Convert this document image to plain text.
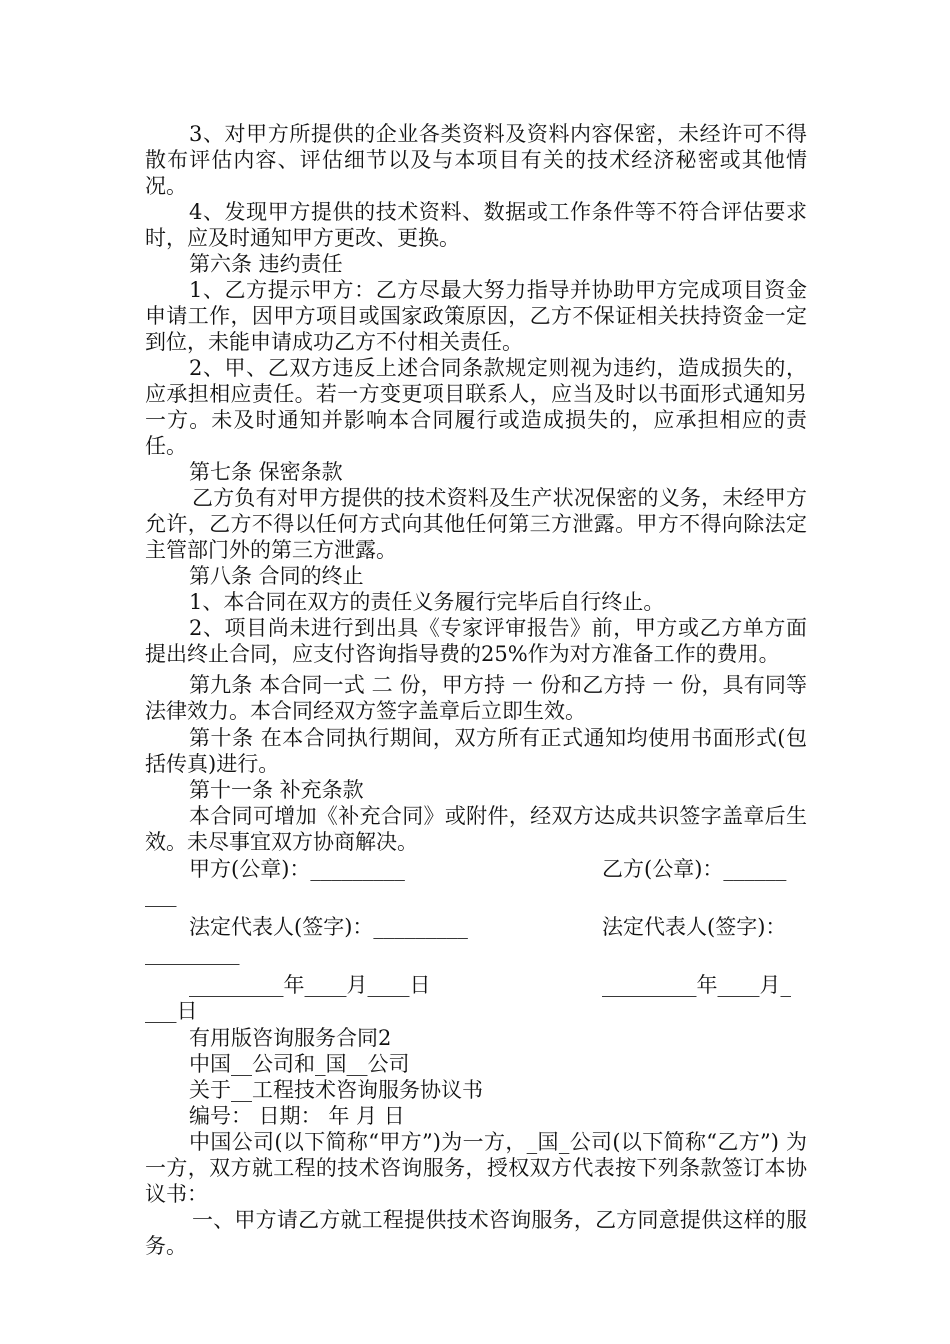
3、对甲方所提供的企业各类资料及资料内容保密，未经许可不得散布评估内容、评估细节以及与本项目有关的技术经济秘密或其他情况。

4、发现甲方提供的技术资料、数据或工作条件等不符合评估要求时，应及时通知甲方更改、更换。

第六条 违约责任

1、乙方提示甲方：乙方尽最大努力指导并协助甲方完成项目资金申请工作，因甲方项目或国家政策原因，乙方不保证相关扶持资金一定到位，未能申请成功乙方不付相关责任。

2、甲、乙双方违反上述合同条款规定则视为违约，造成损失的，应承担相应责任。若一方变更项目联系人，应当及时以书面形式通知另一方。未及时通知并影响本合同履行或造成损失的，应承担相应的责任。

第七条 保密条款

乙方负有对甲方提供的技术资料及生产状况保密的义务，未经甲方允许，乙方不得以任何方式向其他任何第三方泄露。甲方不得向除法定主管部门外的第三方泄露。

第八条 合同的终止

1、本合同在双方的责任义务履行完毕后自行终止。

2、项目尚未进行到出具《专家评审报告》前，甲方或乙方单方面提出终止合同，应支付咨询指导费的25%作为对方准备工作的费用。

第九条 本合同一式 二 份，甲方持 一 份和乙方持 一 份，具有同等法律效力。本合同经双方签字盖章后立即生效。

第十条 在本合同执行期间，双方所有正式通知均使用书面形式(包括传真)进行。

第十一条 补充条款

本合同可增加《补充合同》或附件，经双方达成共识签字盖章后生效。未尽事宜双方协商解决。

甲方(公章)：_________	乙方(公章)：______

___

法定代表人(签字)：_________	法定代表人(签字)：

_________

_________年____月____日	_________年____月_

___日

有用版咨询服务合同2

中国__公司和_国__公司

关于__工程技术咨询服务协议书

编号： 日期： 年 月 日

中国公司(以下简称“甲方”)为一方，_国_公司(以下简称“乙方”) 为一方，双方就工程的技术咨询服务，授权双方代表按下列条款签订本协议书：

一、甲方请乙方就工程提供技术咨询服务，乙方同意提供这样的服务。
